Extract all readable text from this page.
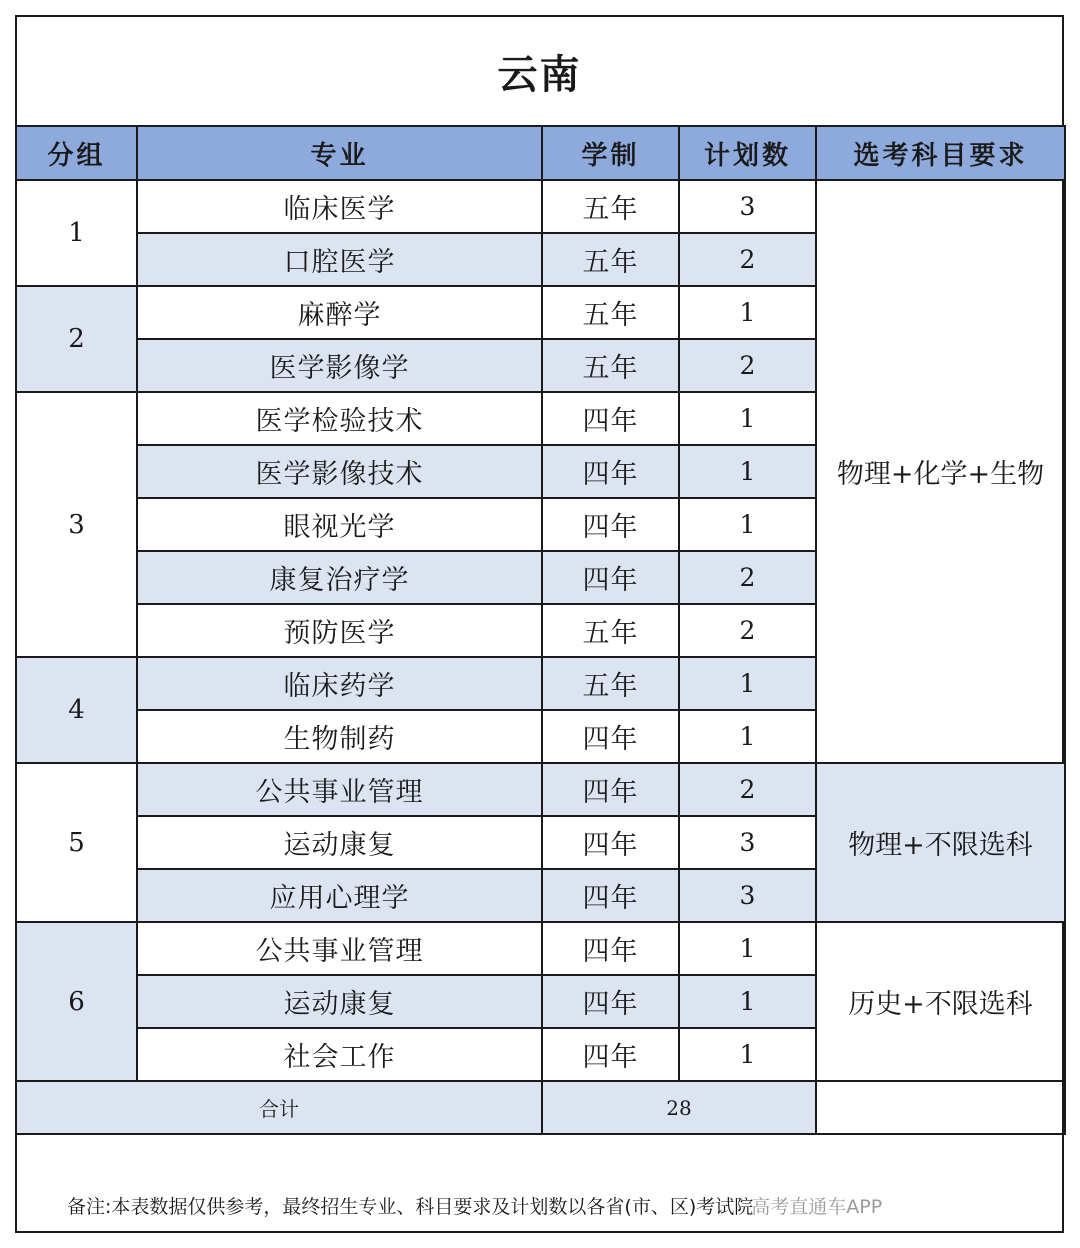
云南
分组	专业	学制	计划数	选考科目要求
1	临床医学	五年	3	物理+化学+生物
	口腔医学	五年	2	
2	麻醉学	五年	1	
	医学影像学	五年	2	
3	医学检验技术	四年	1	
	医学影像技术	四年	1	
	眼视光学	四年	1	
	康复治疗学	四年	2	
	预防医学	五年	2	
4	临床药学	五年	1	
	生物制药	四年	1	
5	公共事业管理	四年	2	物理+不限选科
	运动康复	四年	3	
	应用心理学	四年	3	
6	公共事业管理	四年	1	历史+不限选科
	运动康复	四年	1	
	社会工作	四年	1	
合计		28		
备注:本表数据仅供参考，最终招生专业、科目要求及计划数以各省(市、区)考试院
高考直通车APP
